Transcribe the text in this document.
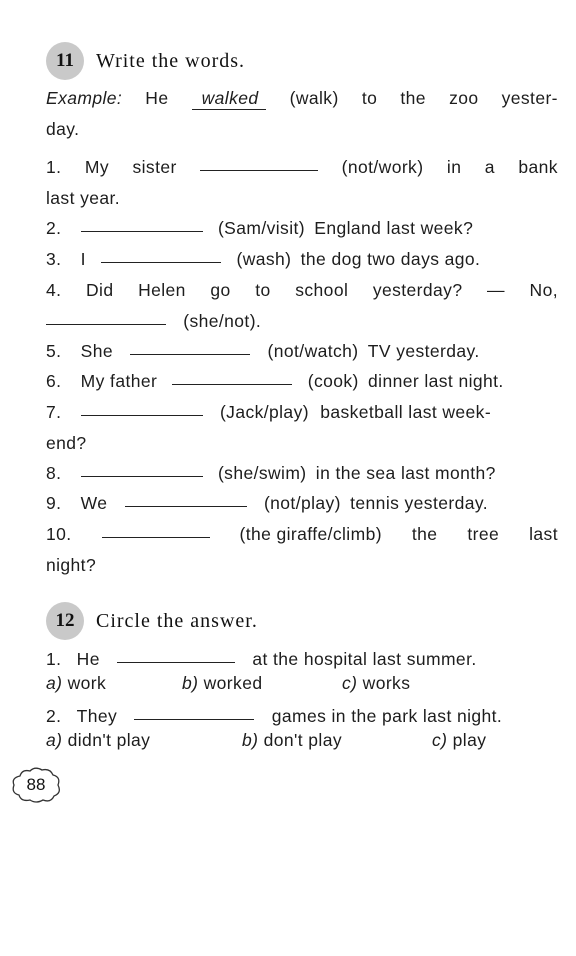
11 Write the words.
Example: He	walked	(walk) to the zoo yester-
day.
1. My sister	(not/work) in a bank
last year.
2.	(Sam/visit) England last week?
3. I	(wash) the dog two days ago.
4. Did Helen go to school yesterday? — No,
(she/not).
5. She	(not/watch) TV yesterday.
6. My father	(cook) dinner last night.
7.	(Jack/play) basketball last week-
end?
8.	(she/swim) in the sea last month?
9. We	(not/play) tennis yesterday.
10.	(the giraffe/climb) the tree last
night?
12 Circle the answer.
1. He	at the hospital last summer.
a) work	b) worked	c) works
2. They	games in the park last night.
a) didn't play	b) don't play	c) play
88
